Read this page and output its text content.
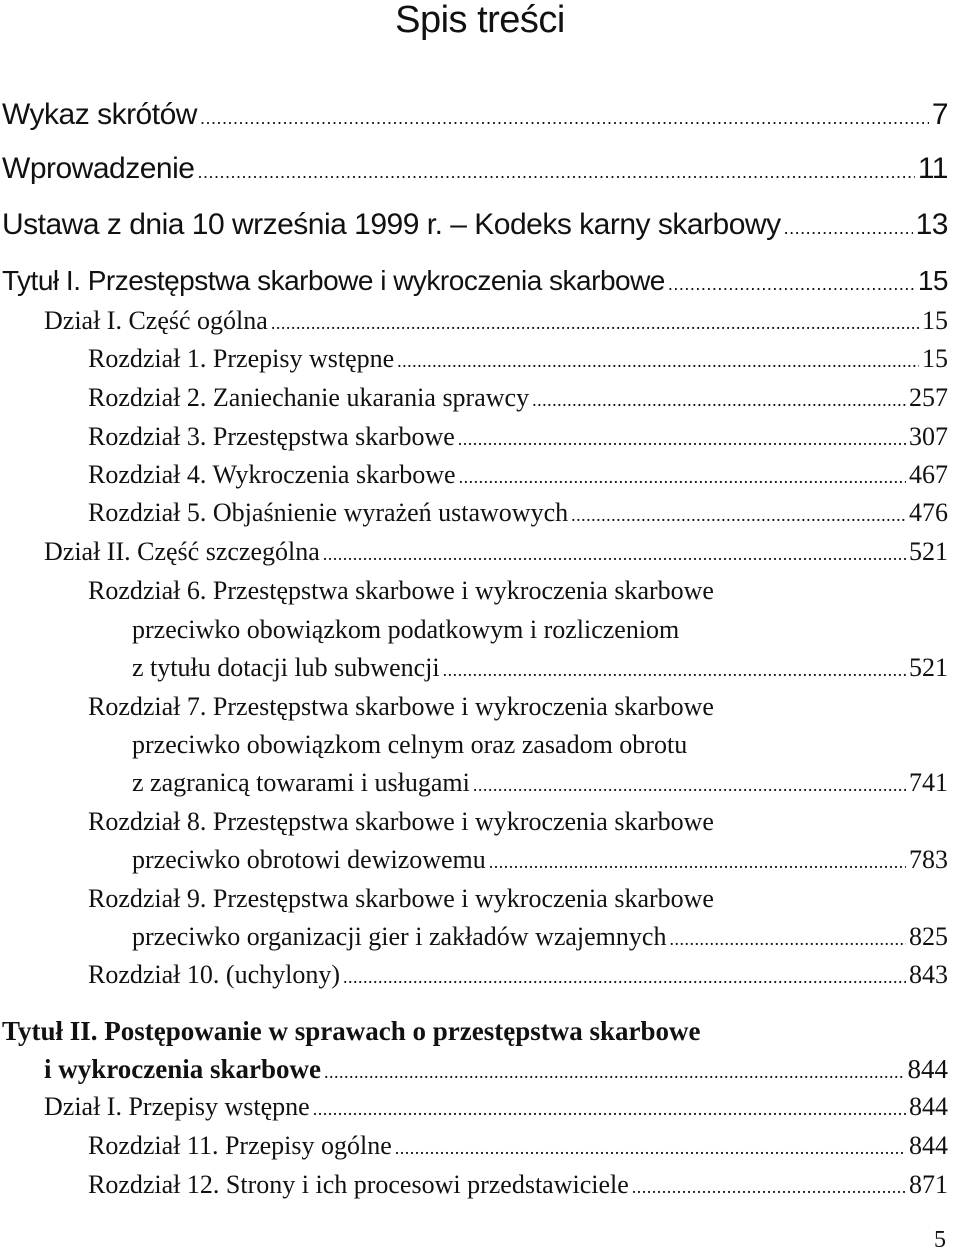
Spis treści
Wykaz skrótów .....	7
Wprowadzenie .....	11
Ustawa z dnia 10 września 1999 r. – Kodeks karny skarbowy .....	13
Tytuł I. Przestępstwa skarbowe i wykroczenia skarbowe .....	15
Dział I. Część ogólna .....	15
Rozdział 1. Przepisy wstępne .....	15
Rozdział 2. Zaniechanie ukarania sprawcy .....	257
Rozdział 3. Przestępstwa skarbowe .....	307
Rozdział 4. Wykroczenia skarbowe .....	467
Rozdział 5. Objaśnienie wyrażeń ustawowych .....	476
Dział II. Część szczególna .....	521
Rozdział 6. Przestępstwa skarbowe i wykroczenia skarbowe
przeciwko obowiązkom podatkowym i rozliczeniom
z tytułu dotacji lub subwencji .....	521
Rozdział 7. Przestępstwa skarbowe i wykroczenia skarbowe
przeciwko obowiązkom celnym oraz zasadom obrotu
z zagranicą towarami i usługami .....	741
Rozdział 8. Przestępstwa skarbowe i wykroczenia skarbowe
przeciwko obrotowi dewizowemu .....	783
Rozdział 9. Przestępstwa skarbowe i wykroczenia skarbowe
przeciwko organizacji gier i zakładów wzajemnych .....	825
Rozdział 10. (uchylony) .....	843
Tytuł II. Postępowanie w sprawach o przestępstwa skarbowe
i wykroczenia skarbowe .....	844
Dział I. Przepisy wstępne .....	844
Rozdział 11. Przepisy ogólne .....	844
Rozdział 12. Strony i ich procesowi przedstawiciele .....	871
5
